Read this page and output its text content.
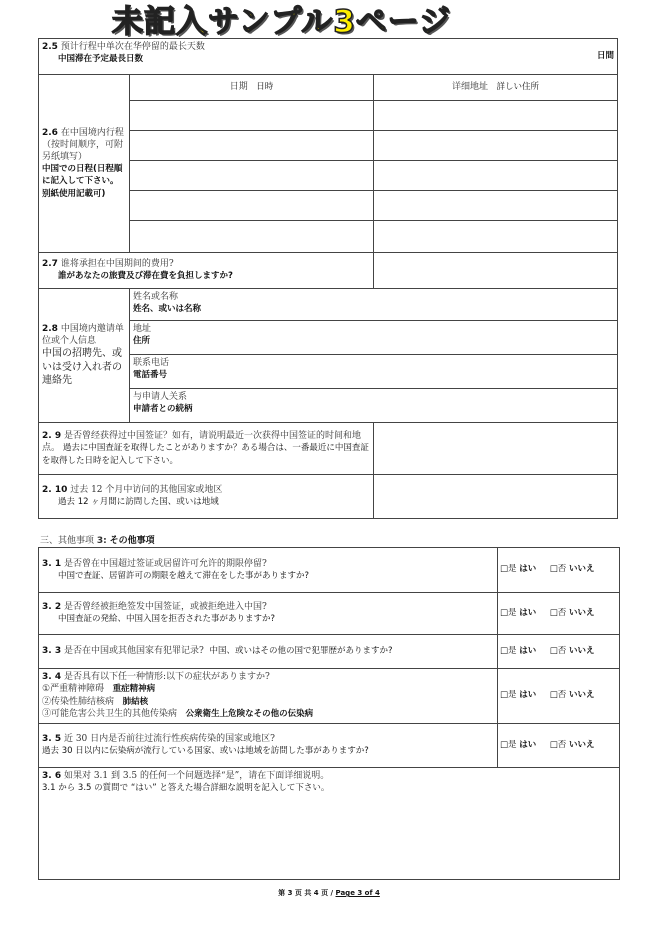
未記入サンプル3ページ
2.5 预计行程中单次在华停留的最长天数
中国滞在予定最長日数		日間
2.6 在中国境内行程（按时间顺序，可附另纸填写）
中国での日程(日程順に記入して下さい。别紙使用記載可)	日期 日時	详细地址 詳しい住所

2.7 谁将承担在中国期间的费用?
誰があなたの旅費及び滞在費を負担しますか?		
2.8 中国境内邀请单位或个人信息
中国の招聘先、或いは受け入れ者の連絡先	姓名或名称
姓名、或いは名称	
	地址
住所	
	联系电话
電話番号	
	与申请人关系
申請者との続柄	
2. 9 是否曾经获得过中国签证？如有，请说明最近一次获得中国签证的时间和地点。 過去に中国査証を取得したことがありますか？ある場合は、一番最近に中国査証を取得した日時を記入して下さい。		
2. 10 过去 12 个月中访问的其他国家或地区
過去 12 ヶ月間に訪問した国、或いは地域		
三、其他事项 3: その他事項
3. 1 是否曾在中国超过签证或居留许可允许的期限停留?
中国で査証、居留許可の期限を越えて滞在をした事がありますか?	□是 はい □否 いいえ
3. 2 是否曾经被拒绝签发中国签证，或被拒绝进入中国?
中国査証の発給、中国入国を拒否された事がありますか?	□是 はい □否 いいえ
3. 3 是否在中国或其他国家有犯罪记录? 中国、或いはその他の国で犯罪歴がありますか?	□是 はい □否 いいえ
3. 4 是否具有以下任一种情形:以下の症状がありますか?
①严重精神障碍 重症精神病
②传染性肺结核病 肺結核
③可能危害公共卫生的其他传染病 公衆衛生上危険なその他の伝染病	□是 はい □否 いいえ
3. 5 近 30 日内是否前往过流行性疾病传染的国家或地区?
過去 30 日以内に伝染病が流行している国家、或いは地域を訪問した事がありますか?	□是 はい □否 いいえ
3. 6 如果对 3.1 到 3.5 的任何一个问题选择“是”，请在下面详细说明。
3.1 から 3.5 の質問で “はい” と答えた場合詳細な説明を記入して下さい。	
第 3 页 共 4 页 / Page 3 of 4
